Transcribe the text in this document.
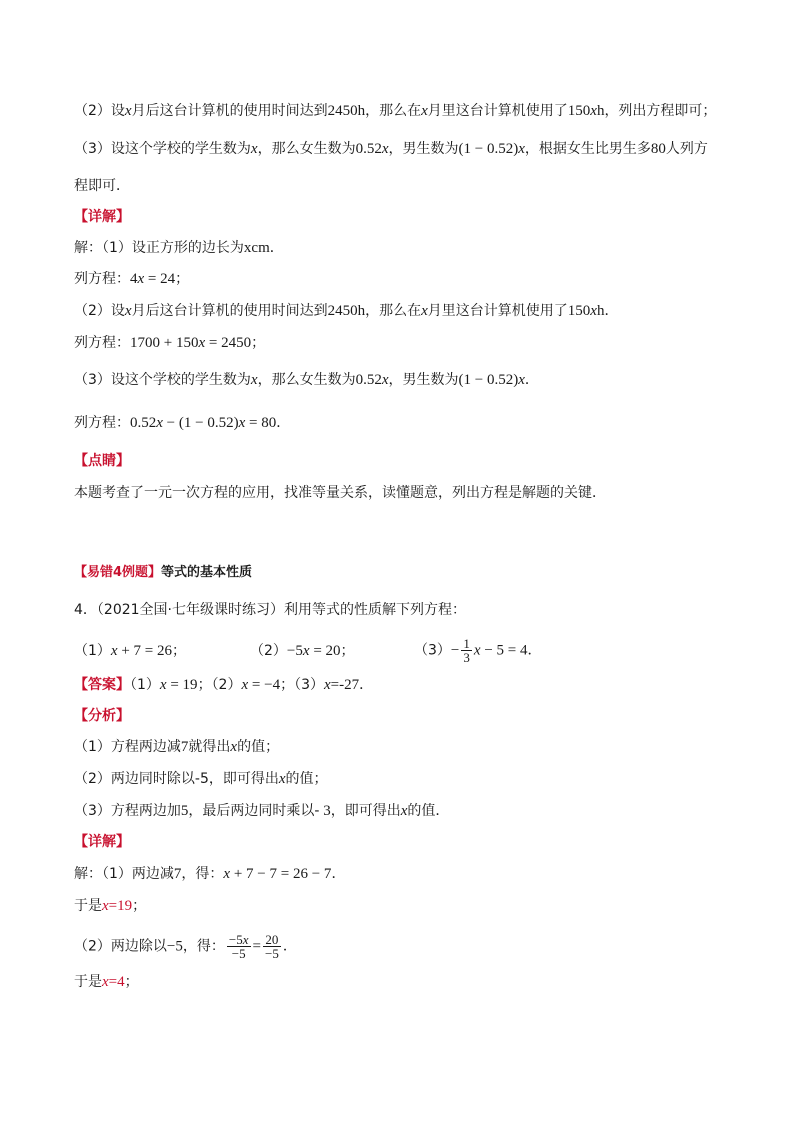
（2）设x月后这台计算机的使用时间达到2450h，那么在x月里这台计算机使用了150xh，列出方程即可；
（3）设这个学校的学生数为x，那么女生数为0.52x，男生数为(1 − 0.52)x，根据女生比男生多80人列方
程即可．
【详解】
解：（1）设正方形的边长为xcm．
列方程：4x = 24；
（2）设x月后这台计算机的使用时间达到2450h，那么在x月里这台计算机使用了150xh．
列方程：1700 + 150x = 2450；
（3）设这个学校的学生数为x，那么女生数为0.52x，男生数为(1 − 0.52)x．
列方程：0.52x − (1 − 0.52)x = 80．
【点睛】
本题考查了一元一次方程的应用，找准等量关系，读懂题意，列出方程是解题的关键．
【易错4例题】等式的基本性质
4．（2021全国·七年级课时练习）利用等式的性质解下列方程：
（1）x + 7 = 26；	（2）−5x = 20；	$(3)- \frac{1}{3}$ x − 5 = 4．
【答案】（1）x = 19；（2）x = −4；（3）x=-27．
【分析】
（1）方程两边减7就得出x的值；
（2）两边同时除以-5，即可得出x的值；
（3）方程两边加5，最后两边同时乘以- 3，即可得出x的值．
【详解】
解：（1）两边减7，得：x + 7 − 7 = 26 − 7．
于是x=19；
（2）两边除以−5，得： $\frac{-5x}{-5} = \frac{20}{-5}$ ．
于是x=4；
